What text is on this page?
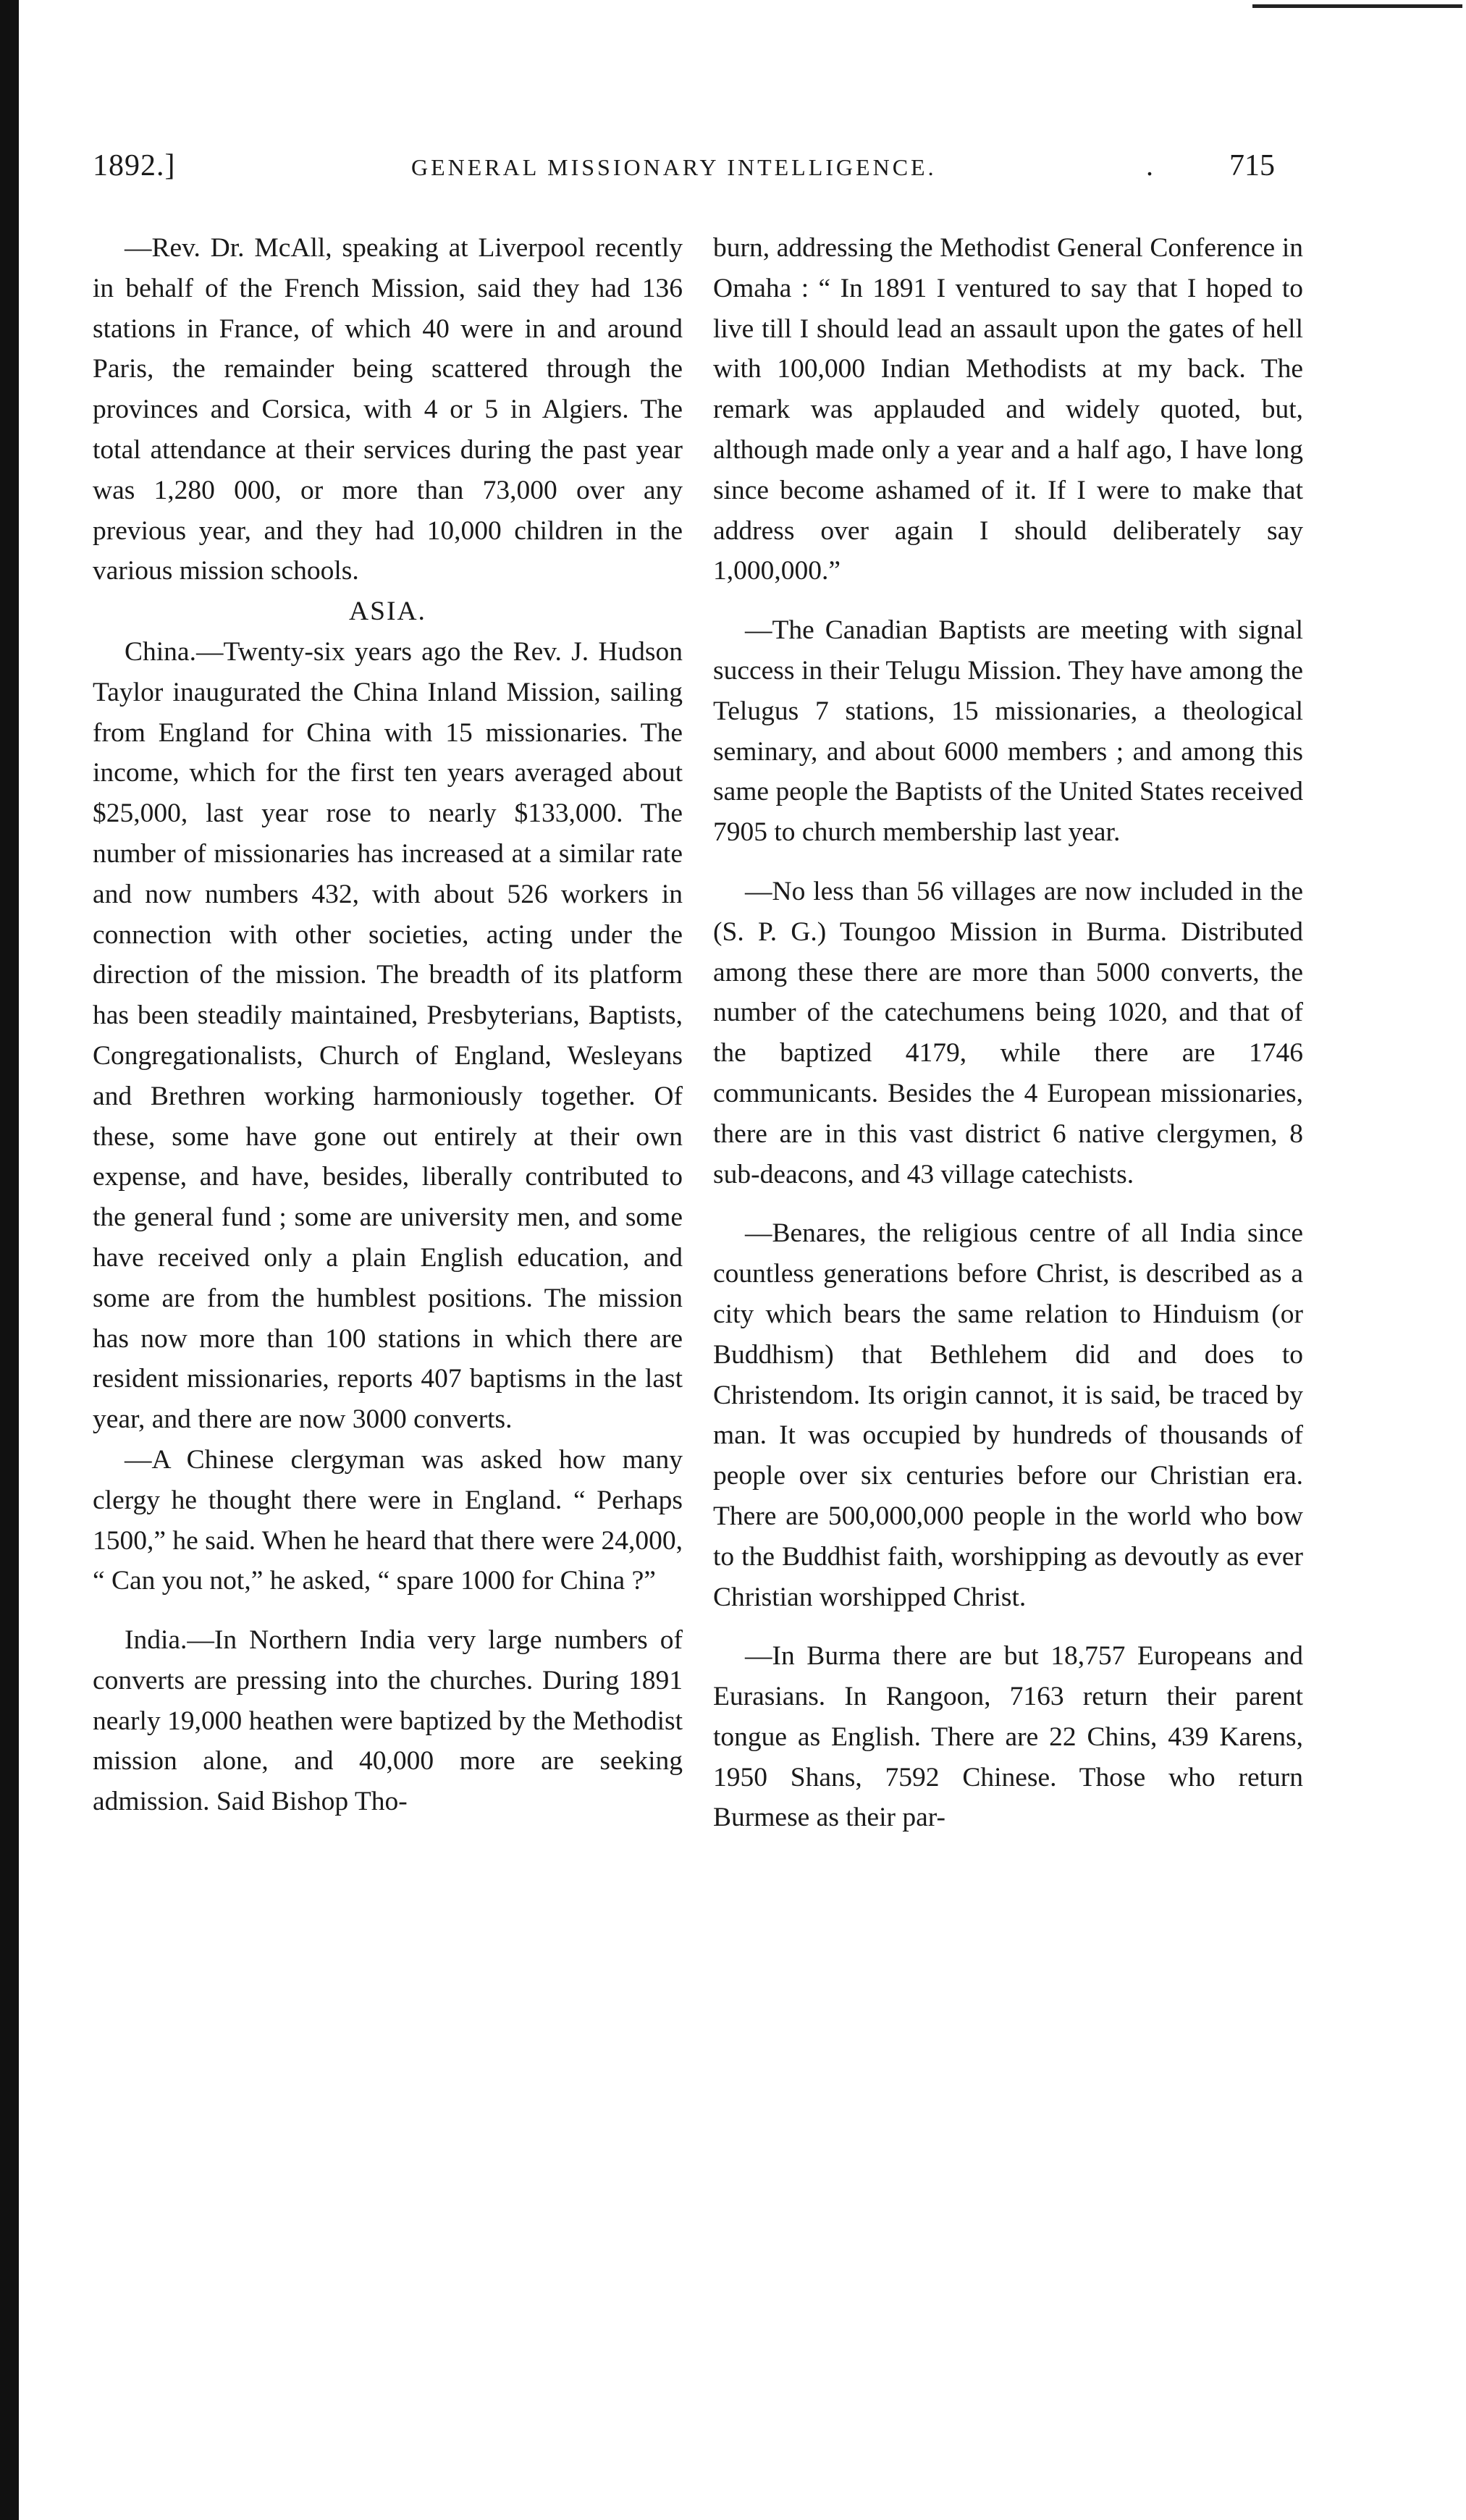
1892.]	GENERAL MISSIONARY INTELLIGENCE.	.	715

—Rev. Dr. McAll, speaking at Liverpool recently in behalf of the French Mission, said they had 136 stations in France, of which 40 were in and around Paris, the remainder being scattered through the provinces and Corsica, with 4 or 5 in Algiers. The total attendance at their services during the past year was 1,280 000, or more than 73,000 over any previous year, and they had 10,000 children in the various mission schools.

ASIA.

China.—Twenty-six years ago the Rev. J. Hudson Taylor inaugurated the China Inland Mission, sailing from England for China with 15 missionaries. The income, which for the first ten years averaged about $25,000, last year rose to nearly $133,000. The number of missionaries has increased at a similar rate and now numbers 432, with about 526 workers in connection with other societies, acting under the direction of the mission. The breadth of its platform has been steadily maintained, Presbyterians, Baptists, Congregationalists, Church of England, Wesleyans and Brethren working harmoniously together. Of these, some have gone out entirely at their own expense, and have, besides, liberally contributed to the general fund ; some are university men, and some have received only a plain English education, and some are from the humblest positions. The mission has now more than 100 stations in which there are resident missionaries, reports 407 baptisms in the last year, and there are now 3000 converts.

—A Chinese clergyman was asked how many clergy he thought there were in England. “ Perhaps 1500,” he said. When he heard that there were 24,000, “ Can you not,” he asked, “ spare 1000 for China ?”

India.—In Northern India very large numbers of converts are pressing into the churches. During 1891 nearly 19,000 heathen were baptized by the Methodist mission alone, and 40,000 more are seeking admission. Said Bishop Tho-

burn, addressing the Methodist General Conference in Omaha : “ In 1891 I ventured to say that I hoped to live till I should lead an assault upon the gates of hell with 100,000 Indian Methodists at my back. The remark was applauded and widely quoted, but, although made only a year and a half ago, I have long since become ashamed of it. If I were to make that address over again I should deliberately say 1,000,000.”

—The Canadian Baptists are meeting with signal success in their Telugu Mission. They have among the Telugus 7 stations, 15 missionaries, a theological seminary, and about 6000 members ; and among this same people the Baptists of the United States received 7905 to church membership last year.

—No less than 56 villages are now included in the (S. P. G.) Toungoo Mission in Burma. Distributed among these there are more than 5000 converts, the number of the catechumens being 1020, and that of the baptized 4179, while there are 1746 communicants. Besides the 4 European missionaries, there are in this vast district 6 native clergymen, 8 sub-deacons, and 43 village catechists.

—Benares, the religious centre of all India since countless generations before Christ, is described as a city which bears the same relation to Hinduism (or Buddhism) that Bethlehem did and does to Christendom. Its origin cannot, it is said, be traced by man. It was occupied by hundreds of thousands of people over six centuries before our Christian era. There are 500,000,000 people in the world who bow to the Buddhist faith, worshipping as devoutly as ever Christian worshipped Christ.

—In Burma there are but 18,757 Europeans and Eurasians. In Rangoon, 7163 return their parent tongue as English. There are 22 Chins, 439 Karens, 1950 Shans, 7592 Chinese. Those who return Burmese as their par-
